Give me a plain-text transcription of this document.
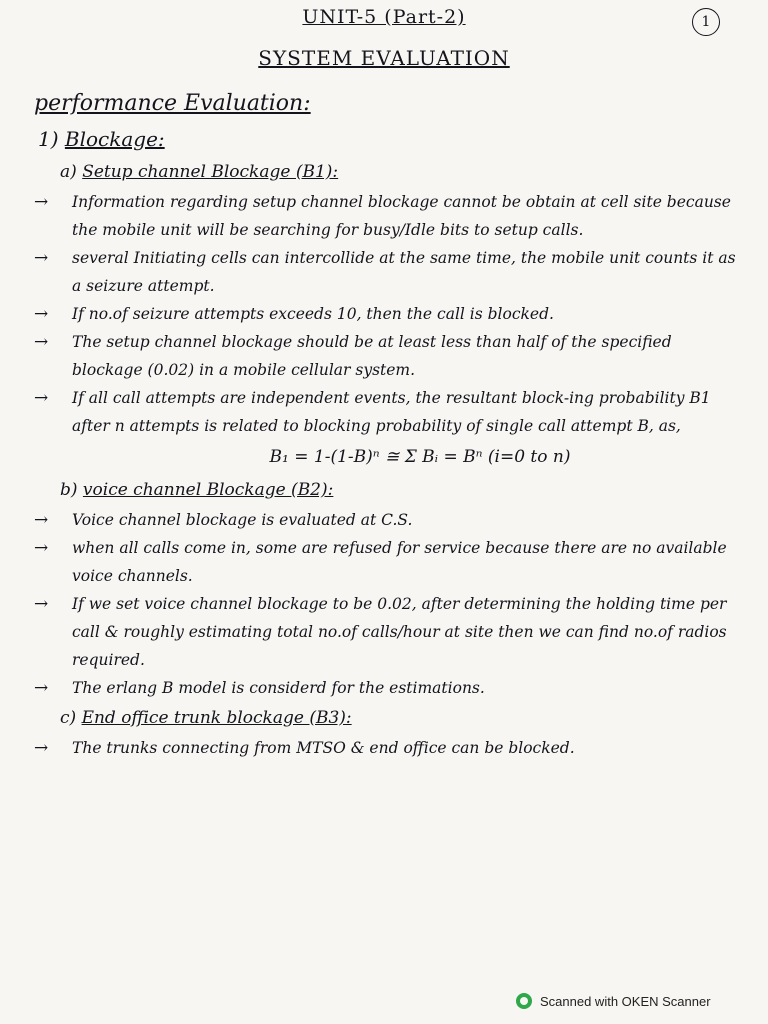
UNIT-5 (Part-2)	1
SYSTEM EVALUATION
performance Evaluation:
1) Blockage:
a) Setup channel Blockage (B1):
→ Information regarding setup channel blockage cannot be obtain at cell site because the mobile unit will be searching for busy/Idle bits to setup calls.
→ several Initiating cells can intercollide at the same time, the mobile unit counts it as a seizure attempt.
→ If no.of seizure attempts exceeds 10, then the call is blocked.
→ The setup channel blockage should be at least less than half of the specified blockage (0.02) in a mobile cellular system.
→ If all call attempts are independent events, the resultant block-ing probability B1 after n attempts is related to blocking probability of single call attempt B, as,
B₁ = 1-(1-B)ⁿ ≅ Σ Bᵢ = Bⁿ (i=0 to n)
b) voice channel Blockage (B2):
→ Voice channel blockage is evaluated at C.S.
→ when all calls come in, some are refused for service because there are no available voice channels.
→ If we set voice channel blockage to be 0.02, after determining the holding time per call & roughly estimating total no.of calls/hour at site then we can find no.of radios required.
→ The erlang B model is considerd for the estimations.
c) End office trunk blockage (B3):
→ The trunks connecting from MTSO & end office can be blocked.
Scanned with OKEN Scanner
